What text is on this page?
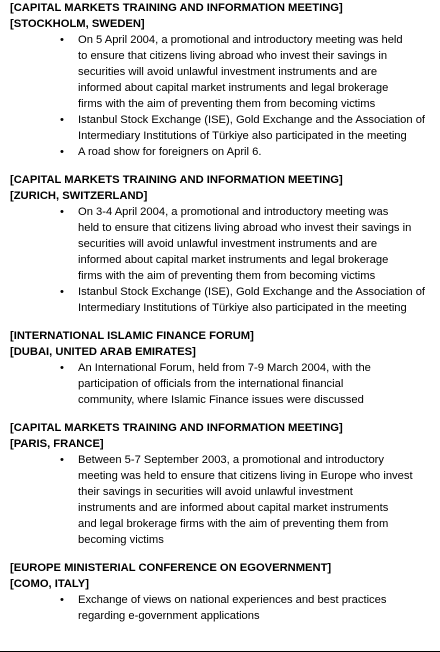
[CAPITAL MARKETS TRAINING AND INFORMATION MEETING]
[STOCKHOLM, SWEDEN]
• On 5 April 2004, a promotional and introductory meeting was held
to ensure that citizens living abroad who invest their savings in
securities will avoid unlawful investment instruments and are
informed about capital market instruments and legal brokerage
firms with the aim of preventing them from becoming victims
• Istanbul Stock Exchange (ISE), Gold Exchange and the Association of
Intermediary Institutions of Türkiye also participated in the meeting
• A road show for foreigners on April 6.
[CAPITAL MARKETS TRAINING AND INFORMATION MEETING]
[ZURICH, SWITZERLAND]
• On 3-4 April 2004, a promotional and introductory meeting was
held to ensure that citizens living abroad who invest their savings in
securities will avoid unlawful investment instruments and are
informed about capital market instruments and legal brokerage
firms with the aim of preventing them from becoming victims
• Istanbul Stock Exchange (ISE), Gold Exchange and the Association of
Intermediary Institutions of Türkiye also participated in the meeting
[INTERNATIONAL ISLAMIC FINANCE FORUM]
[DUBAI, UNITED ARAB EMIRATES]
• An International Forum, held from 7-9 March 2004, with the
participation of officials from the international financial
community, where Islamic Finance issues were discussed
[CAPITAL MARKETS TRAINING AND INFORMATION MEETING]
[PARIS, FRANCE]
• Between 5-7 September 2003, a promotional and introductory
meeting was held to ensure that citizens living in Europe who invest
their savings in securities will avoid unlawful investment
instruments and are informed about capital market instruments
and legal brokerage firms with the aim of preventing them from
becoming victims
[EUROPE MINISTERIAL CONFERENCE ON EGOVERNMENT]
[COMO, ITALY]
• Exchange of views on national experiences and best practices
regarding e-government applications
